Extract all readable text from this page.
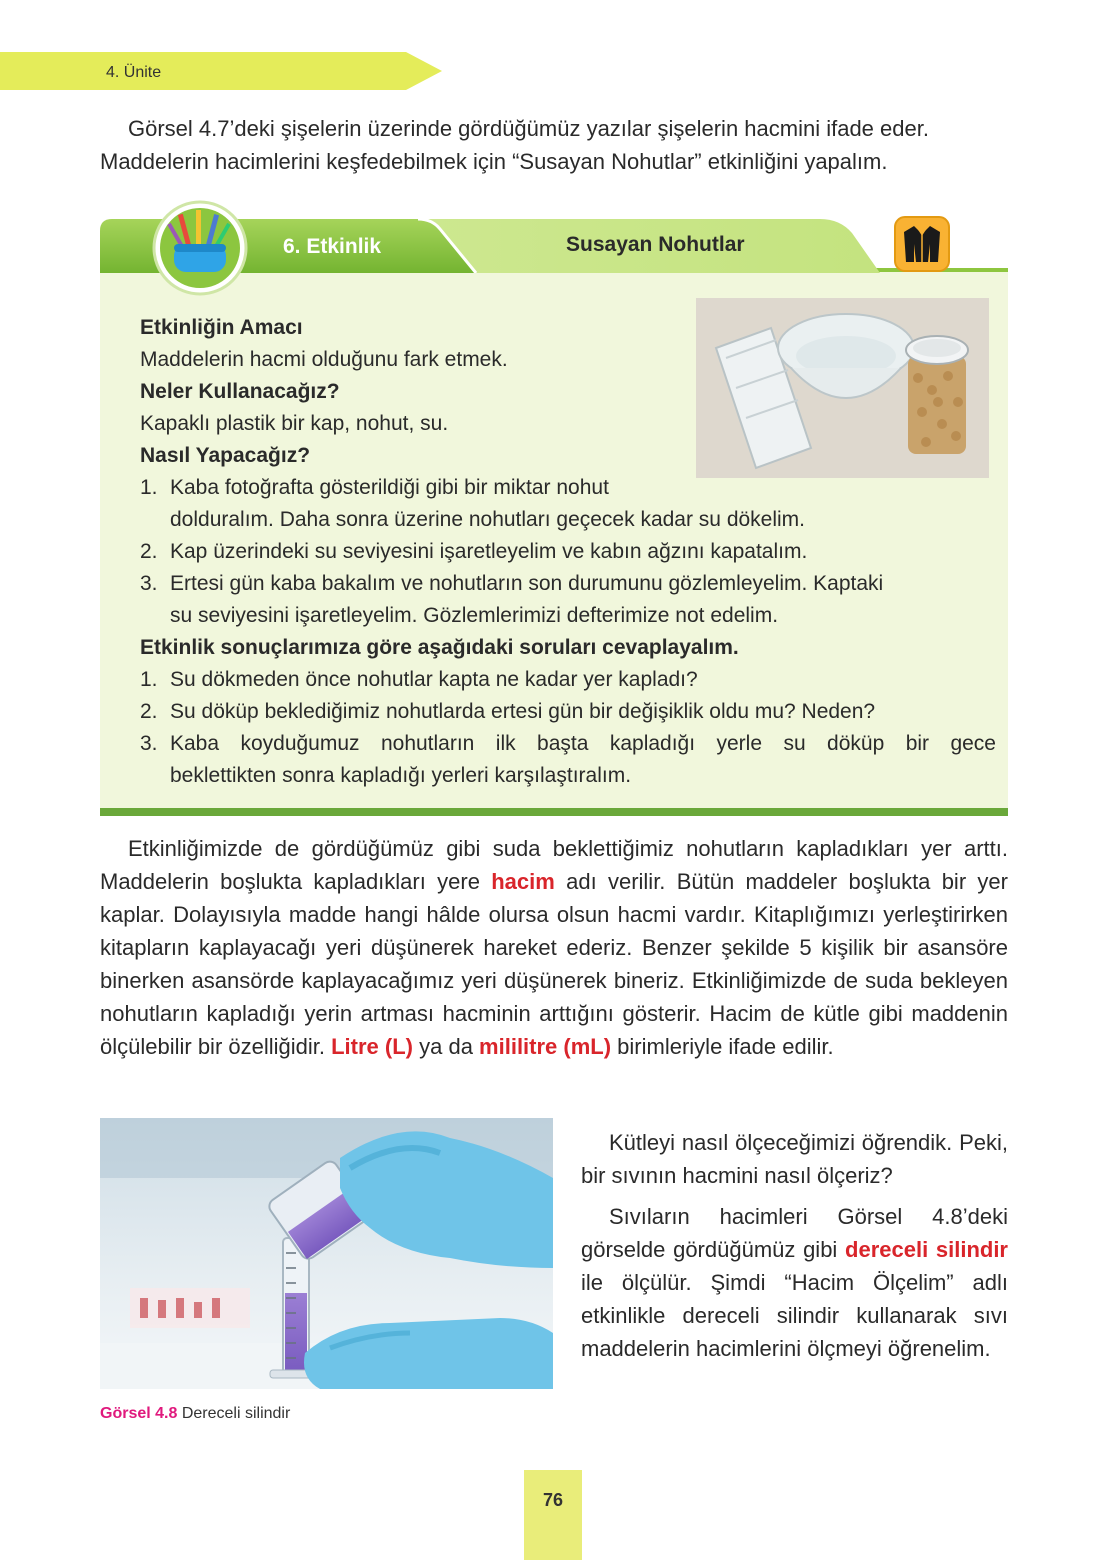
4. Ünite
Görsel 4.7’deki şişelerin üzerinde gördüğümüz yazılar şişelerin hacmini ifade eder.
Maddelerin hacimlerini keşfedebilmek için “Susayan Nohutlar” etkinliğini yapalım.
6. Etkinlik	Susayan Nohutlar
Etkinliğin Amacı
Maddelerin hacmi olduğunu fark etmek.
Neler Kullanacağız?
Kapaklı plastik bir kap, nohut, su.
Nasıl Yapacağız?
1. Kaba fotoğrafta gösterildiği gibi bir miktar nohut
dolduralım. Daha sonra üzerine nohutları geçecek kadar su dökelim.
2. Kap üzerindeki su seviyesini işaretleyelim ve kabın ağzını kapatalım.
3. Ertesi gün kaba bakalım ve nohutların son durumunu gözlemleyelim. Kaptaki
su seviyesini işaretleyelim. Gözlemlerimizi defterimize not edelim.
Etkinlik sonuçlarımıza göre aşağıdaki soruları cevaplayalım.
1. Su dökmeden önce nohutlar kapta ne kadar yer kapladı?
2. Su döküp beklediğimiz nohutlarda ertesi gün bir değişiklik oldu mu? Neden?
3. Kaba koyduğumuz nohutların ilk başta kapladığı yerle su döküp bir gece
beklettikten sonra kapladığı yerleri karşılaştıralım.
Etkinliğimizde de gördüğümüz gibi suda beklettiğimiz nohutların kapladıkları yer arttı. Maddelerin boşlukta kapladıkları yere hacim adı verilir. Bütün maddeler boşlukta bir yer kaplar. Dolayısıyla madde hangi hâlde olursa olsun hacmi vardır. Kitaplığımızı yerleştirirken kitapların kaplayacağı yeri düşünerek hareket ederiz. Benzer şekilde 5 kişilik bir asansöre binerken asansörde kaplayacağımız yeri düşünerek bineriz. Etkinliğimizde de suda bekleyen nohutların kapladığı yerin artması hacminin arttığını gösterir. Hacim de kütle gibi maddenin ölçülebilir bir özelliğidir. Litre (L) ya da mililitre (mL) birimleriyle ifade edilir.
Görsel 4.8 Dereceli silindir
Kütleyi nasıl ölçeceğimizi öğrendik. Peki, bir sıvının hacmini nasıl ölçeriz?
Sıvıların hacimleri Görsel 4.8’deki görselde gördüğümüz gibi dereceli silindir ile ölçülür. Şimdi “Hacim Ölçelim” adlı etkinlikle dereceli silindir kullanarak sıvı maddelerin hacimlerini ölçmeyi öğrenelim.
76
